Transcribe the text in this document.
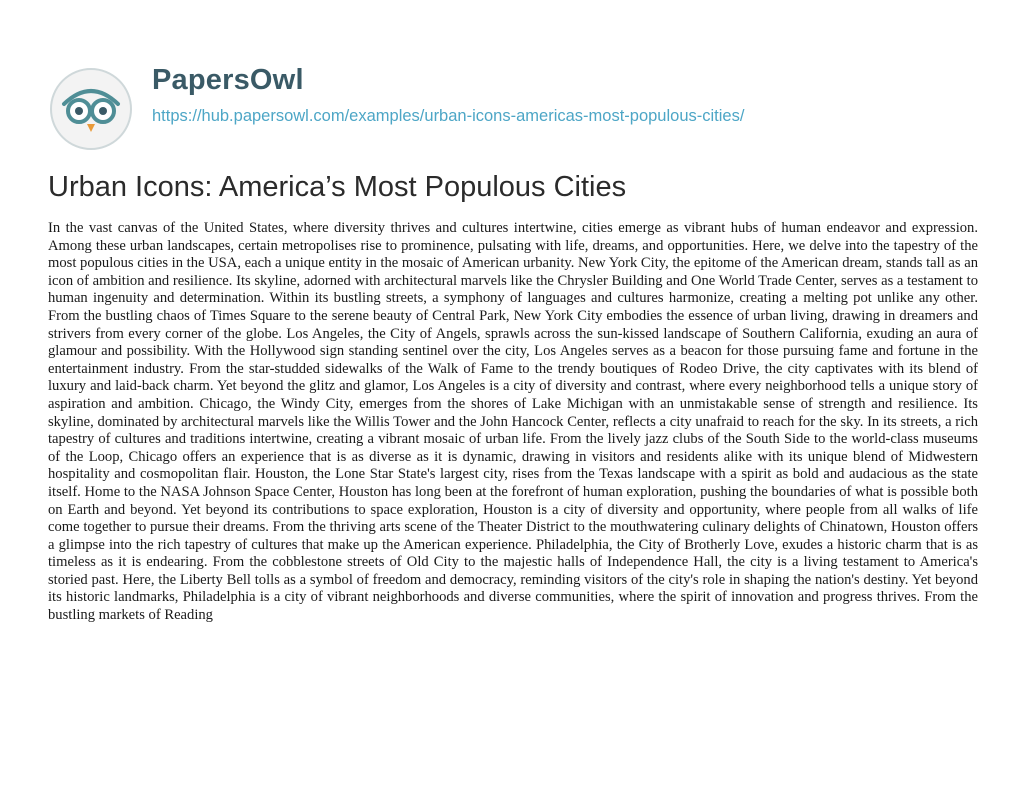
PapersOwl
https://hub.papersowl.com/examples/urban-icons-americas-most-populous-cities/
Urban Icons: America’s Most Populous Cities

In the vast canvas of the United States, where diversity thrives and cultures intertwine, cities emerge as vibrant hubs of human endeavor and expression. Among these urban landscapes, certain metropolises rise to prominence, pulsating with life, dreams, and opportunities. Here, we delve into the tapestry of the most populous cities in the USA, each a unique entity in the mosaic of American urbanity. New York City, the epitome of the American dream, stands tall as an icon of ambition and resilience. Its skyline, adorned with architectural marvels like the Chrysler Building and One World Trade Center, serves as a testament to human ingenuity and determination. Within its bustling streets, a symphony of languages and cultures harmonize, creating a melting pot unlike any other. From the bustling chaos of Times Square to the serene beauty of Central Park, New York City embodies the essence of urban living, drawing in dreamers and strivers from every corner of the globe. Los Angeles, the City of Angels, sprawls across the sun-kissed landscape of Southern California, exuding an aura of glamour and possibility. With the Hollywood sign standing sentinel over the city, Los Angeles serves as a beacon for those pursuing fame and fortune in the entertainment industry. From the star-studded sidewalks of the Walk of Fame to the trendy boutiques of Rodeo Drive, the city captivates with its blend of luxury and laid-back charm. Yet beyond the glitz and glamor, Los Angeles is a city of diversity and contrast, where every neighborhood tells a unique story of aspiration and ambition. Chicago, the Windy City, emerges from the shores of Lake Michigan with an unmistakable sense of strength and resilience. Its skyline, dominated by architectural marvels like the Willis Tower and the John Hancock Center, reflects a city unafraid to reach for the sky. In its streets, a rich tapestry of cultures and traditions intertwine, creating a vibrant mosaic of urban life. From the lively jazz clubs of the South Side to the world-class museums of the Loop, Chicago offers an experience that is as diverse as it is dynamic, drawing in visitors and residents alike with its unique blend of Midwestern hospitality and cosmopolitan flair. Houston, the Lone Star State's largest city, rises from the Texas landscape with a spirit as bold and audacious as the state itself. Home to the NASA Johnson Space Center, Houston has long been at the forefront of human exploration, pushing the boundaries of what is possible both on Earth and beyond. Yet beyond its contributions to space exploration, Houston is a city of diversity and opportunity, where people from all walks of life come together to pursue their dreams. From the thriving arts scene of the Theater District to the mouthwatering culinary delights of Chinatown, Houston offers a glimpse into the rich tapestry of cultures that make up the American experience. Philadelphia, the City of Brotherly Love, exudes a historic charm that is as timeless as it is endearing. From the cobblestone streets of Old City to the majestic halls of Independence Hall, the city is a living testament to America's storied past. Here, the Liberty Bell tolls as a symbol of freedom and democracy, reminding visitors of the city's role in shaping the nation's destiny. Yet beyond its historic landmarks, Philadelphia is a city of vibrant neighborhoods and diverse communities, where the spirit of innovation and progress thrives. From the bustling markets of Reading
